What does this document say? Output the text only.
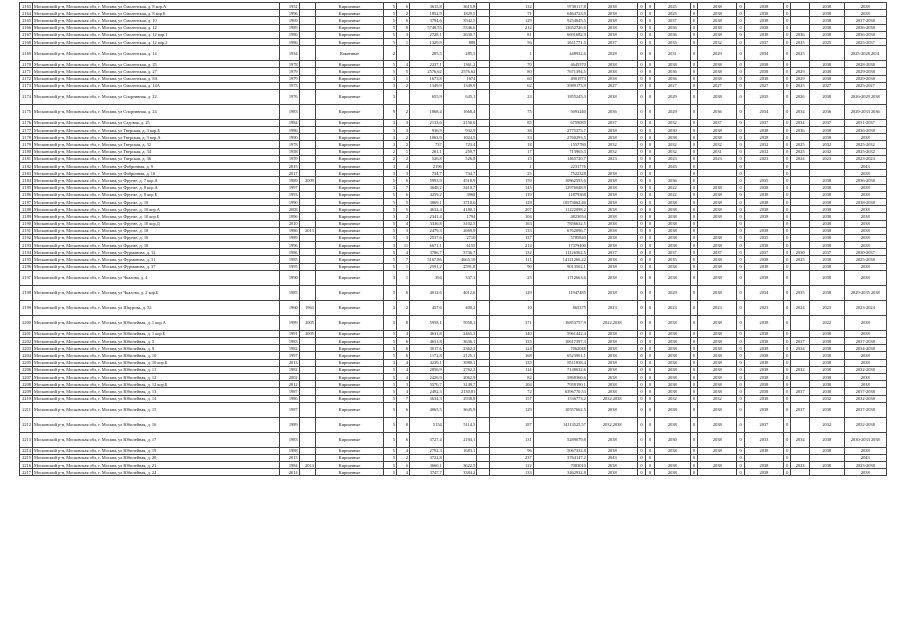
2163	Московский р-н, Московская обл, г. Москва, ул Смоленская, д. 8 кор.А	1952		Кирпичные	5	6	3615,8	3615,8		132	9730117,8	2038	0	0	2025	0	2038	0	2038	0		2038	2038
2164	Московский р-н, Московская обл, г. Москва, ул Смоленская, д. 8 кор.Б	1996		Кирпичные	5	2	1852,9	1829,5		71	6464723,9	2038	0	0	2025	0	2038	0	2038	0		2038	2038
2165	Московский р-н, Московская обл, г. Москва, ул Смоленская, д. 10	1969		Кирпичные	5	6	3794,6	3542,5		129	9254645,5	2038	0	0	2037	0	2038	0	2038	0		2038	2037-2038
2166	Московский р-н, Московская обл, г. Москва, ул Смоленская, д. 12	1989		Кирпичные	5	9	5746,55	5346,6		212	13652726,6	2038	0	0	2036	0	2038	0	2038	0		2038	2036-2038
2167	Московский р-н, Московская обл, г. Москва, ул Смоленская, д. 12 кор.1	1986		Кирпичные	5	3	2728,1	2630,7		81	6691682,9	2038	0	0	2036	0	2038	0	2038	0	2036	2038	2036-2038
2168	Московский р-н, Московская обл, г. Москва, ул Смоленская, д. 12 кор.2	1986		Кирпичные	5	1	1329,9	888		56	2611771,5	2037	0	0	2035	0	2032	0	2037	0	2025	2025	2025-2037
2169	Московский р-н, Московская обл, г. Москва, ул Смоленская, д. 14	1934		Каменные	2		285,5	285,5		1	448932,6	2028	0	0	2031	0	2029	0	2034	0	2025		2025-2028 2031
2170	Московский р-н, Московская обл, г. Москва, ул Смоленская, д. 25	1978		Кирпичные	5	4	2237,1	1361,2		70	4645570	2038	0	0	2038	0	2038	0	2038	0		2038	2028-2038
2171	Московский р-н, Московская обл, г. Москва, ул Смоленская, д. 27	1979		Кирпичные	5	5	2576,62	2576,62		80	7671394,5	2038	0	0	2036	0	2038	0	2038	0	2029	2038	2029-2038
2172	Московский р-н, Московская обл, г. Москва, ул Смоленская, д. 8А	1979		Кирпичные	3	1	1673,8	1674		60	4901973	2038	0	0	2036	0	2038	0	2038	0	2029	2038	2029-2038
2173	Московский р-н, Московская обл, г. Москва, ул Смоленская, д. 14А	1973		Кирпичные	3	2	1349,9	1349,9		62	3989173,9	2027	0	0	2027	0	2027	0	2027	0	2025	2027	2025-2027
2174	Московский р-н, Московская обл, г. Москва, ул Спортивная, д. 22	1976		Кирпичные	3		655,9	645,1		23	1855245,3	2038	0	0	2029	0	2038	0	2035	0	2026	2038	2026-2029 2038
2175	Московский р-н, Московская обл, г. Москва, ул Спортивная, д. 24	1983		Кирпичные	9	2	1868,4	1668,4		75	5093240	2036	0	0	2029	0	2036	0	2034	0	2034	2036	2029-2033 2036
2176	Московский р-н, Московская обл, г. Москва, ул Садовая, д. 25	1984		Кирпичные	3	3	2133,6	2150,6		85	6759085	2037	0	0	2032	0	2037	0	2037	0	2034	2037	2031-2037
2177	Московский р-н, Московская обл, г. Москва, ул Тверская, д. 3 кор.Б	1986		Кирпичные	3	3	936,9	932,9		38	2775373,7	2038	0	0	2030	0	2038	0	2038	0	2036	2038	2036-2038
2178	Московский р-н, Московская обл, г. Москва, ул Тверская, д. 3 кор.А	1990		Кирпичные	3	2	1063,9	1024,5		33	2760293,5	2038	0	0	2038	0	2038	0	2038	0		2038	2038
2179	Московский р-н, Московская обл, г. Москва, ул Тверская, д. 32	1978		Кирпичные	3	2	737	723,4		18	1557780	2032	0	0	2032	0	2032	0	2032	0	2025	2032	2025-2032
2180	Московский р-н, Московская обл, г. Москва, ул Тверская, д. 34	1958		Кирпичные	2	1	261,1	259,7		17	713965,3	2032	0	0	2032	0	2031	0	2032	0	2025	2032	2025-2032
2181	Московский р-н, Московская обл, г. Москва, ул Тверская, д. 36	1959		Кирпичные	2	2	526,8	526,8		15	1465720,7	2023	0	0	2023	0	2023	0	2023	0	2024	2023	2023-2024
2182	Московский р-н, Московская обл, г. Москва, ул Фабричная, д. 9	2015		Кирпичные	3	4	2196			1	2231776		0	0	2043	0		0		0			2043
2183	Московский р-н, Московская обл, г. Москва, ул Фабричная, д. 10	2017		Кирпичные	3	3	734,7	734,7		25	7522328	2038	0	0		0		0		0			2038
2184	Московский р-н, Московская обл, г. Москва, ул Фрунзе, д. 7 кор.А	1989	2009	Кирпичные	5	6	5993,9	4518,9		159	10862593,6	2038	0	0	2036	0		0	2035	0		2038	2036-2038
2185	Московский р-н, Московская обл, г. Москва, ул Фрунзе, д. 8 кор.А	1997		Кирпичные	3	7	3648,2	3410,7		145	12976048,9	2038	0	0	2022	0	2038	0	2038	0		2038	2038
2186	Московский р-н, Московская обл, г. Москва, ул Фрунзе, д. 8 кор.Б	1993		Кирпичные	5	6	4259,2	3968		119	11879368	2038	0	0	2022	0	2038	0	2038	0		2038	2038
2187	Московский р-н, Московская обл, г. Москва, ул Фрунзе, д. 10	1990		Кирпичные	5	5	3869,1	3710,6		128	10573062,46	2038	0	0	2038	0	2038	0	2038	0		2038	2038-2038
2188	Московский р-н, Московская обл, г. Москва, ул Фрунзе, д. 10 кор.А	2008		Кирпичные	5	5	4632,4	4180,1		207	11222098,2	2038	0	0	2038	0	2038	0	2038	0		2038	2038
2189	Московский р-н, Московская обл, г. Москва, ул Фрунзе, д. 10 кор.Б	1996		Кирпичные	3	2	2341,4	1794		104	4823054	2038	0	0	2038	0	2038	0	2038	0		2038	2038
2190	Московский р-н, Московская обл, г. Москва, ул Фрунзе, д. 10 кор.Д	2010		Кирпичные	5	4	3336,8	3102,5		163	7856632,5	2038	0	0	2038	0		0		0		2038	2038
2191	Московский р-н, Московская обл, г. Москва, ул Фрунзе, д. 18	1986	2013	Кирпичные	5	3	2479,3	2669,9		133	6762096,7	2038	0	0	2038	0		0	2038	0		2038	2038
2192	Московский р-н, Московская обл, г. Москва, ул Фрунзе, д. 16	1989		Кирпичные	5	3	2537,6	2710		137	5785840	2038	0	0	2038	0	2038	0	2035	0		2038	2038
2193	Московский р-н, Московская обл, г. Москва, ул Фрунзе, д. 18	1996		Кирпичные	3	11	6671,1	6155		214	17379400	2038	0	0	2038	0	2038	0	2038	0		2038	2038
2194	Московский р-н, Московская обл, г. Москва, ул Фурманова, д. 12	1986		Кирпичные	5	4	3786,7	3736,7		132	11126562,5	2037	0	0	2037	0	2037	0	2037	0	2030	2037	2030-2037
2195	Московский р-н, Московская обл, г. Москва, ул Фурманова, д. 31	1985		Кирпичные	5	7	5167,86	4665,10		111	14121266,22	2038	0	0	2035	0	2038	0	2038	0	2025	2038	2025-2038
2196	Московский р-н, Московская обл, г. Москва, ул Фурманова, д. 37	1995		Кирпичные	5	1	2591,2	2591,8		90	9013502,1	2038	0	0	2038	0	2038	0	2038	0		2038	2038
2197	Московский р-н, Московская обл, г. Москва, ул Чкалова, д. 4	1990		Кирпичные	3	1	394	337,1		25	1712663,6	2038	0	0	2038	0	2038	0	2038	0		2038	2038
2198	Московский р-н, Московская обл, г. Москва, ул Чкалова, д. 2 кор.Б	1985		Кирпичные	5	6	4012,6	4012,6		129	11947485	2038	0	0	2029	0	2038	0	2034	0	2035	2038	2029-2035 2038
2199	Московский р-н, Московская обл, г. Москва, ул Шкурова, д. 52	1960	1963	Кирпичные	3	2	457,6	400,2		10	865375	2023	0	0	2023	0	2023	0	2023	0	2024	2023	2023-2024
2200	Московский р-н, Московская обл, г. Москва, ул Юбилейная, д. 1 кор.А	1989	2005	Кирпичные	5	8	5958,1	5958,1		371	16853757,9	2022,2038	0	0	2038	0	2038	0	2038	0		2022	2038
2201	Московский р-н, Московская обл, г. Москва, ул Юбилейная, д. 1 кор.Б	1991	2005	Кирпичные	5	4	4631,8	2465,3		140	5961442,4	2038	0	0	2038	0	2038	0	2038	0		2038	2038
2202	Московский р-н, Московская обл, г. Москва, ул Юбилейная, д. 5	1983		Кирпичные	5	6	4651,8	3636,1		135	10617397,3	2038	0	0	2038	0	2038	0	2038	0	2037	2038	2037-2038
2203	Московский р-н, Московская обл, г. Москва, ул Юбилейная, д. 9	1982		Кирпичные	5	6	3017,6	2362,2		124	7062048	2038	0	0	2038	0	2038	0	2038	0	2034	2038	2034-2038
2204	Московский р-н, Московская обл, г. Москва, ул Юбилейная, д. 10	1997		Кирпичные	5	6	1172,8	2125,1		168	6523901,1	2038	0	0	2038	0	2038	0	2038	0		2038	2038
2205	Московский р-н, Московская обл, г. Москва, ул Юбилейная, д. 10 кор.Б	2013		Кирпичные	3	4	4239,1	3980,1		135	8511838,4	2038	0	0	2038	0	2038	0	2038	0		2038	2038
2206	Московский р-н, Московская обл, г. Москва, ул Юбилейная, д. 11	1982		Кирпичные	5	4	2856,9	2762,2		114	7148632,6	2038	0	0	2038	0	2038	0	2038	0	2032	2038	2032-2038
2207	Московский р-н, Московская обл, г. Москва, ул Юбилейная, д. 12	2002		Кирпичные	5	4	2426,9	2062,9		82	5868360,6	2038	0	0	2038	0	2038	0	2038	0		2038	2038
2208	Московский р-н, Московская обл, г. Москва, ул Юбилейная, д. 12 кор.Б	2012		Кирпичные	5	3	3570,7	3149,7		104	7958190,1	2038	0	0	2038	0	2038	0	2038	0		2038	2038
2209	Московский р-н, Московская обл, г. Москва, ул Юбилейная, д. 13	1987		Кирпичные	5	4	2492,3	2130,01		72	6396770,53	2038	0	0	2038	0	2038	0	2038	0	2037	2038	2037-2038
2210	Московский р-н, Московская обл, г. Москва, ул Юбилейная, д. 14	1986		Кирпичные	5	7	3634,3	2938,8		157	1536773,2	2032,2038	0	0	2032	0	2032	0	2038	0		2032	2032-2038
2211	Московский р-н, Московская обл, г. Москва, ул Юбилейная, д. 15	1987		Кирпичные	5	6	4065,5	3645,9		129	10557662,5	2038	0	0	2038	0	2038	0	2038	0	2037	2038	2037-2038
2212	Московский р-н, Московская обл, г. Москва, ул Юбилейная, д. 16	1989		Кирпичные	5	8	5154	5114,5		187	14113525,57	2032,2038	0	0	2038	0	2038	0	2037	0		2032	2032-2038
2213	Московский р-н, Московская обл, г. Москва, ул Юбилейная, д. 17	1983		Кирпичные	5	6	3727,4	2194,1		131	5289079,8	2038	0	0	2030	0	2038	0	2033	0	2034	2038	2030-2033 2038
2214	Московский р-н, Московская обл, г. Москва, ул Юбилейная, д. 19	1988		Кирпичные	5	4	2792,3	1683,1		96	5067332,8	2038	0	0	2038	0	2038	0	2038	0		2038	2038
2215	Московский р-н, Московская обл, г. Москва, ул Юбилейная, д. 20	2015		Кирпичные	5	2	3722,8			237	3764147,2	2043	0	0		0		0		0			2043
2216	Московский р-н, Московская обл, г. Москва, ул Юбилейная, д. 21	1984	2014	Кирпичные	5	6	3660,1	3622,5		122	7083010	2038	0	0	2038	0	2038	0	2038	0	2023	2038	2023-2038
2217	Московский р-н, Московская обл, г. Москва, ул Юбилейная, д. 22	2014		Кирпичные	5	4	3747,7	3384,2		133	3462932,8	2038	0	0	2038	0		0	2038	0			2038
